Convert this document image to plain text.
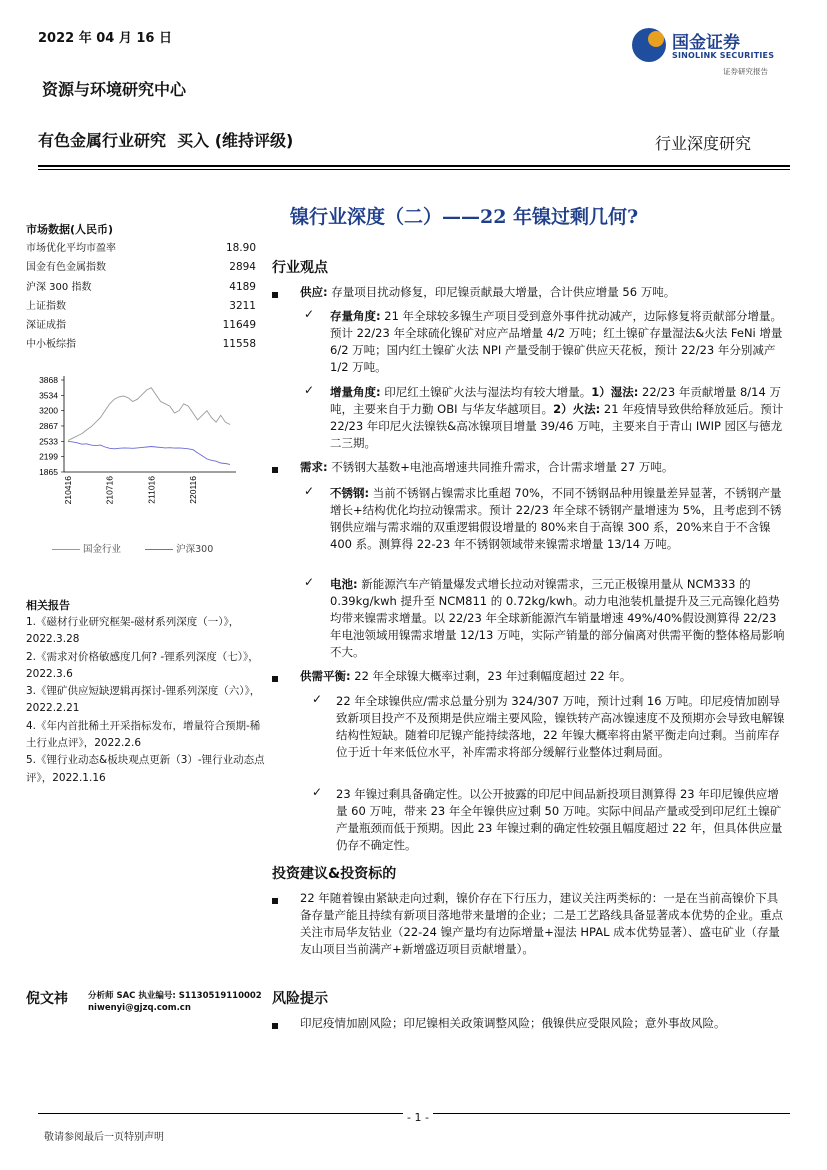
2022 年 04 月 16 日	国金证券
SINOLINK SECURITIES
证券研究报告
资源与环境研究中心
有色金属行业研究  买入 (维持评级)	行业深度研究
镍行业深度（二）——22 年镍过剩几何?
市场数据(人民币)
市场优化平均市盈率	18.90
国金有色金属指数	2894
沪深 300 指数	4189
上证指数	3211
深证成指	11649
中小板综指	11558
3868
3534
3200
2867
2533
2199
1865
210416	210716	211016	220116
国金行业	沪深300
相关报告
1.《磁材行业研究框架-磁材系列深度（一）》，2022.3.28
2.《需求对价格敏感度几何? -锂系列深度（七）》，2022.3.6
3.《锂矿供应短缺逻辑再探讨-锂系列深度（六）》，2022.2.21
4.《年内首批稀土开采指标发布，增量符合预期-稀土行业点评》，2022.2.6
5.《锂行业动态&板块观点更新（3）-锂行业动态点评》，2022.1.16
倪文祎 分析师 SAC 执业编号: S1130519110002
niwenyi@gjzq.com.cn
行业观点
供应: 存量项目扰动修复，印尼镍贡献最大增量，合计供应增量 56 万吨。
✓ 存量角度: 21 年全球较多镍生产项目受到意外事件扰动减产，边际修复将贡献部分增量。预计 22/23 年全球硫化镍矿对应产品增量 4/2 万吨；红土镍矿存量湿法&火法 FeNi 增量 6/2 万吨；国内红土镍矿火法 NPI 产量受制于镍矿供应天花板，预计 22/23 年分别减产 1/2 万吨。
✓ 增量角度: 印尼红土镍矿火法与湿法均有较大增量。1）湿法: 22/23 年贡献增量 8/14 万吨，主要来自于力勤 OBI 与华友华越项目。2）火法: 21 年疫情导致供给释放延后。预计 22/23 年印尼火法镍铁&高冰镍项目增量 39/46 万吨，主要来自于青山 IWIP 园区与德龙二三期。
需求: 不锈钢大基数+电池高增速共同推升需求，合计需求增量 27 万吨。
✓ 不锈钢: 当前不锈钢占镍需求比重超 70%，不同不锈钢品种用镍量差异显著，不锈钢产量增长+结构优化均拉动镍需求。预计 22/23 年全球不锈钢产量增速为 5%，且考虑到不锈钢供应端与需求端的双重逻辑假设增量的 80%来自于高镍 300 系，20%来自于不含镍 400 系。测算得 22-23 年不锈钢领域带来镍需求增量 13/14 万吨。
✓ 电池: 新能源汽车产销量爆发式增长拉动对镍需求，三元正极镍用量从 NCM333 的 0.39kg/kwh 提升至 NCM811 的 0.72kg/kwh。动力电池装机量提升及三元高镍化趋势均带来镍需求增量。以 22/23 年全球新能源汽车销量增速 49%/40%假设测算得 22/23 年电池领域用镍需求增量 12/13 万吨，实际产销量的部分偏离对供需平衡的整体格局影响不大。
供需平衡: 22 年全球镍大概率过剩，23 年过剩幅度超过 22 年。
✓ 22 年全球镍供应/需求总量分别为 324/307 万吨，预计过剩 16 万吨。印尼疫情加剧导致新项目投产不及预期是供应端主要风险，镍铁转产高冰镍速度不及预期亦会导致电解镍结构性短缺。随着印尼镍产能持续落地，22 年镍大概率将由紧平衡走向过剩。当前库存位于近十年来低位水平，补库需求将部分缓解行业整体过剩局面。
✓ 23 年镍过剩具备确定性。以公开披露的印尼中间品新投项目测算得 23 年印尼镍供应增量 60 万吨，带来 23 年全年镍供应过剩 50 万吨。实际中间品产量或受到印尼红土镍矿产量瓶颈而低于预期。因此 23 年镍过剩的确定性较强且幅度超过 22 年，但具体供应量仍存不确定性。
投资建议&投资标的
22 年随着镍由紧缺走向过剩，镍价存在下行压力，建议关注两类标的：一是在当前高镍价下具备存量产能且持续有新项目落地带来量增的企业；二是工艺路线具备显著成本优势的企业。重点关注市局华友钴业（22-24 镍产量均有边际增量+湿法 HPAL 成本优势显著）、盛屯矿业（存量友山项目当前满产+新增盛迈项目贡献增量）。
风险提示
印尼疫情加剧风险；印尼镍相关政策调整风险；俄镍供应受限风险；意外事故风险。
- 1 -
敬请参阅最后一页特别声明
